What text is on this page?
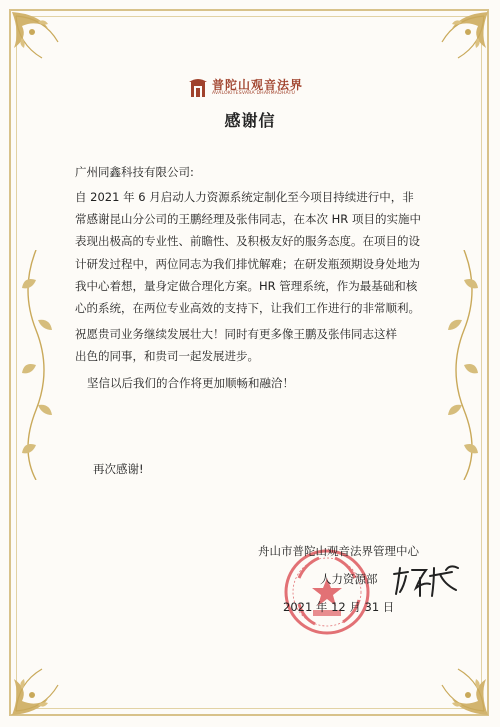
普陀山观音法界
AVALOKITESVARA DHARMADHATU
感谢信
广州同鑫科技有限公司:

自 2021 年 6 月启动人力资源系统定制化至今项目持续进行中，非
常感谢昆山分公司的王鹏经理及张伟同志，在本次 HR 项目的实施中
表现出极高的专业性、前瞻性、及积极友好的服务态度。在项目的设
计研发过程中，两位同志为我们排忧解难；在研发瓶颈期设身处地为
我中心着想，量身定做合理化方案。HR 管理系统，作为最基础和核
心的系统，在两位专业高效的支持下，让我们工作进行的非常顺利。

祝愿贵司业务继续发展壮大！同时有更多像王鹏及张伟同志这样
出色的同事，和贵司一起发展进步。

坚信以后我们的合作将更加顺畅和融洽！

再次感谢!
舟山市普陀山观音法界管理中心
人力资源部
2021 年 12 月 31 日
